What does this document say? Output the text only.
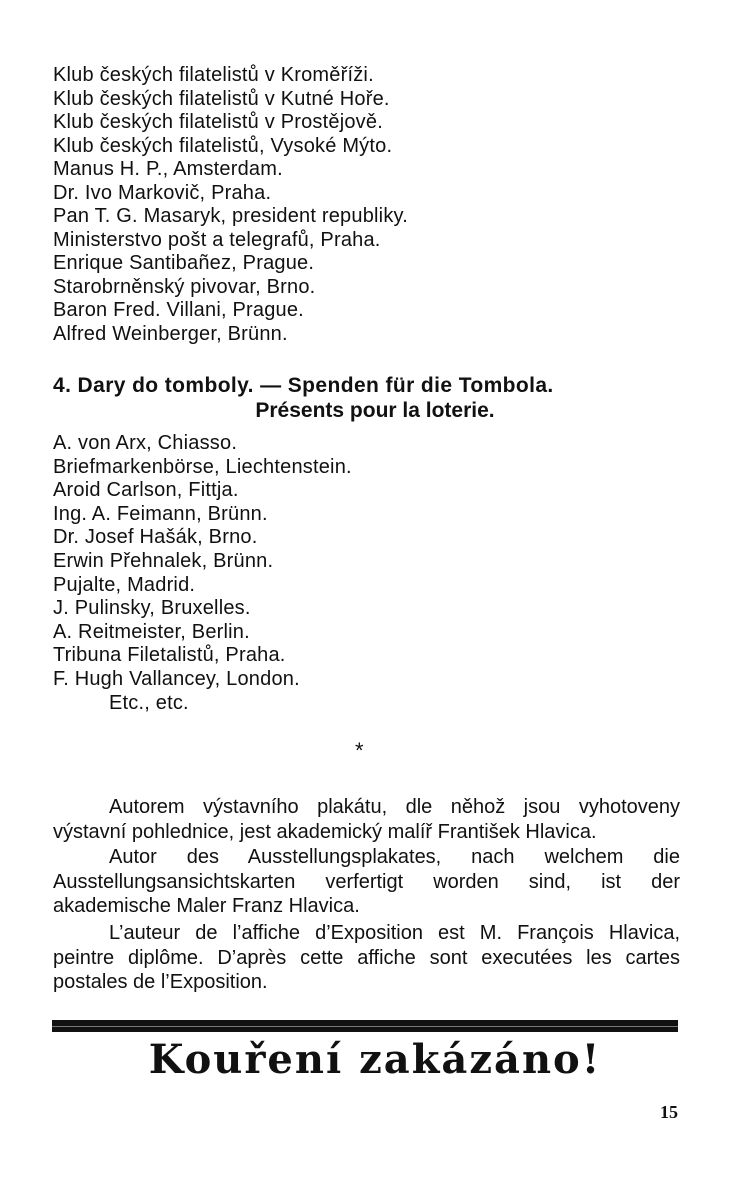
Klub českých filatelistů v Kroměříži.
Klub českých filatelistů v Kutné Hoře.
Klub českých filatelistů v Prostějově.
Klub českých filatelistů, Vysoké Mýto.
Manus H. P., Amsterdam.
Dr. Ivo Markovič, Praha.
Pan T. G. Masaryk, president republiky.
Ministerstvo pošt a telegrafů, Praha.
Enrique Santibañez, Prague.
Starobrněnský pivovar, Brno.
Baron Fred. Villani, Prague.
Alfred Weinberger, Brünn.
4. Dary do tomboly. — Spenden für die Tombola.
Présents pour la loterie.
A. von Arx, Chiasso.
Briefmarkenbörse, Liechtenstein.
Aroid Carlson, Fittja.
Ing. A. Feimann, Brünn.
Dr. Josef Hašák, Brno.
Erwin Přehnalek, Brünn.
Pujalte, Madrid.
J. Pulinsky, Bruxelles.
A. Reitmeister, Berlin.
Tribuna Filetalistů, Praha.
F. Hugh Vallancey, London.
Etc., etc.
*

Autorem výstavního plakátu, dle něhož jsou vyhotoveny výstavní pohlednice, jest akademický malíř František Hlavica.

Autor des Ausstellungsplakates, nach welchem die Ausstellungsansichtskarten verfertigt worden sind, ist der akademische Maler Franz Hlavica.

L’auteur de l’affiche d’Exposition est M. François Hlavica, peintre diplôme. D’après cette affiche sont executées les cartes postales de l’Exposition.

Kouření zakázáno!
15
